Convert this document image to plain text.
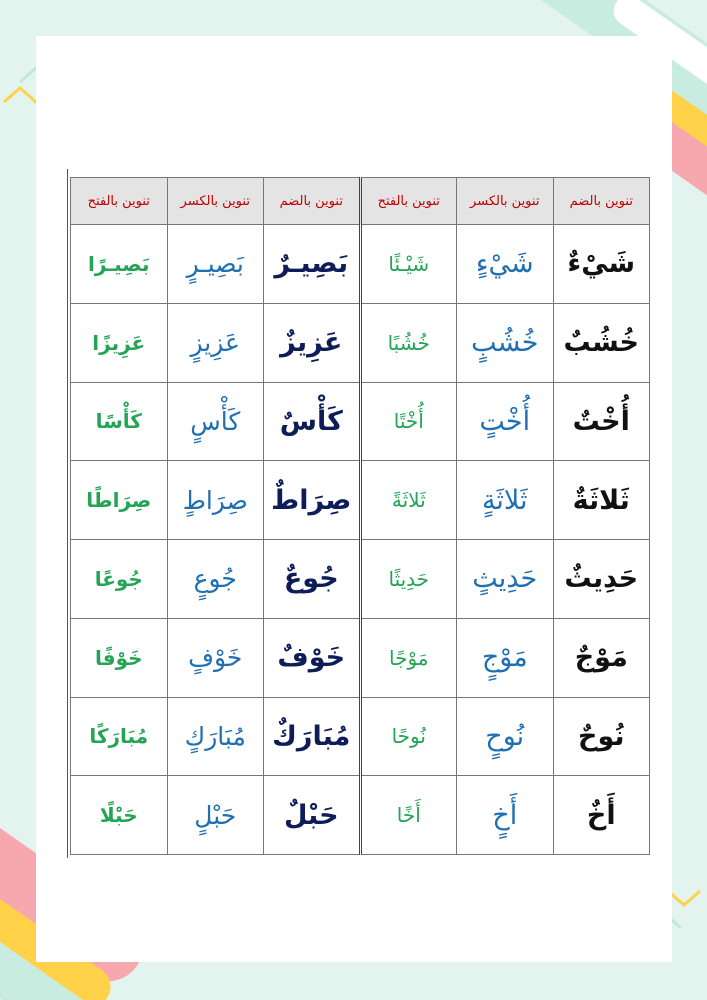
تنوين بالضم	تنوين بالكسر	تنوين بالفتح	تنوين بالضم	تنوين بالكسر	تنوين بالفتح
شَيْءٌ	شَيْءٍ	شَيْـئًا	بَصِيـرٌ	بَصِيـرٍ	بَصِيـرًا
خُشُبٌ	خُشُبٍ	خُشُبًا	عَزِيزٌ	عَزِيزٍ	عَزِيزًا
أُخْتٌ	أُخْتٍ	أُخْتًا	كَأْسٌ	كَأْسٍ	كَأْسًا
ثَلاثَةٌ	ثَلاثَةٍ	ثَلاثَةً	صِرَاطٌ	صِرَاطٍ	صِرَاطًا
حَدِيثٌ	حَدِيثٍ	حَدِيثًا	جُوعٌ	جُوعٍ	جُوعًا
مَوْجٌ	مَوْجٍ	مَوْجًا	خَوْفٌ	خَوْفٍ	خَوْفًا
نُوحٌ	نُوحٍ	نُوحًا	مُبَارَكٌ	مُبَارَكٍ	مُبَارَكًا
أَخٌ	أَخٍ	أَخًا	حَبْلٌ	حَبْلٍ	حَبْلًا
